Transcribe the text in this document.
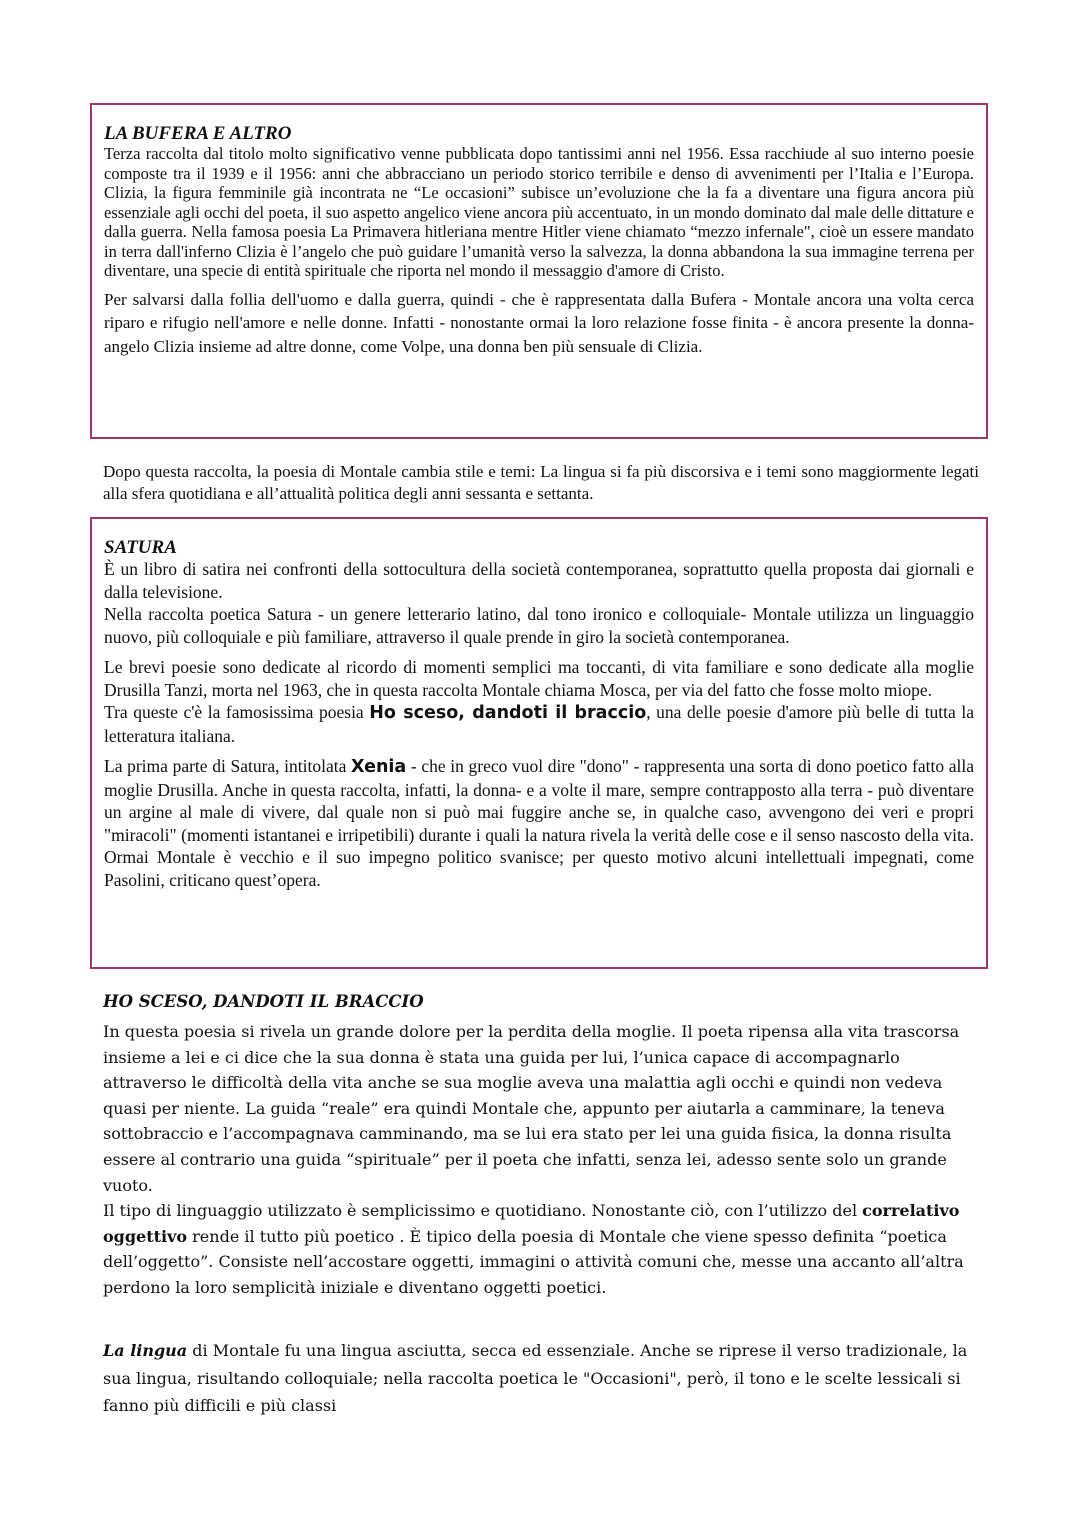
LA BUFERA E ALTRO

Terza raccolta dal titolo molto significativo venne pubblicata dopo tantissimi anni nel 1956. Essa racchiude al suo interno poesie composte tra il 1939 e il 1956: anni che abbracciano un periodo storico terribile e denso di avvenimenti per l’Italia e l’Europa. Clizia, la figura femminile già incontrata ne “Le occasioni” subisce un’evoluzione che la fa a diventare una figura ancora più essenziale agli occhi del poeta, il suo aspetto angelico viene ancora più accentuato, in un mondo dominato dal male delle dittature e dalla guerra. Nella famosa poesia La Primavera hitleriana mentre Hitler viene chiamato “mezzo infernale", cioè un essere mandato in terra dall'inferno Clizia è l’angelo che può guidare l’umanità verso la salvezza, la donna abbandona la sua immagine terrena per diventare, una specie di entità spirituale che riporta nel mondo il messaggio d'amore di Cristo.

Per salvarsi dalla follia dell'uomo e dalla guerra, quindi - che è rappresentata dalla Bufera - Montale ancora una volta cerca riparo e rifugio nell'amore e nelle donne. Infatti - nonostante ormai la loro relazione fosse finita - è ancora presente la donna-angelo Clizia insieme ad altre donne, come Volpe, una donna ben più sensuale di Clizia.

Dopo questa raccolta, la poesia di Montale cambia stile e temi: La lingua si fa più discorsiva e i temi sono maggiormente legati alla sfera quotidiana e all’attualità politica degli anni sessanta e settanta.

SATURA

È un libro di satira nei confronti della sottocultura della società contemporanea, soprattutto quella proposta dai giornali e dalla televisione.

Nella raccolta poetica Satura - un genere letterario latino, dal tono ironico e colloquiale- Montale utilizza un linguaggio nuovo, più colloquiale e più familiare, attraverso il quale prende in giro la società contemporanea.

Le brevi poesie sono dedicate al ricordo di momenti semplici ma toccanti, di vita familiare e sono dedicate alla moglie Drusilla Tanzi, morta nel 1963, che in questa raccolta Montale chiama Mosca, per via del fatto che fosse molto miope.

Tra queste c'è la famosissima poesia Ho sceso, dandoti il braccio, una delle poesie d'amore più belle di tutta la letteratura italiana.

La prima parte di Satura, intitolata Xenia - che in greco vuol dire "dono" - rappresenta una sorta di dono poetico fatto alla moglie Drusilla. Anche in questa raccolta, infatti, la donna- e a volte il mare, sempre contrapposto alla terra - può diventare un argine al male di vivere, dal quale non si può mai fuggire anche se, in qualche caso, avvengono dei veri e propri "miracoli" (momenti istantanei e irripetibili) durante i quali la natura rivela la verità delle cose e il senso nascosto della vita. Ormai Montale è vecchio e il suo impegno politico svanisce; per questo motivo alcuni intellettuali impegnati, come Pasolini, criticano quest’opera.

HO SCESO, DANDOTI IL BRACCIO

In questa poesia si rivela un grande dolore per la perdita della moglie. Il poeta ripensa alla vita trascorsa insieme a lei e ci dice che la sua donna è stata una guida per lui, l’unica capace di accompagnarlo attraverso le difficoltà della vita anche se sua moglie aveva una malattia agli occhi e quindi non vedeva quasi per niente. La guida “reale” era quindi Montale che, appunto per aiutarla a camminare, la teneva sottobraccio e l’accompagnava camminando, ma se lui era stato per lei una guida fisica, la donna risulta essere al contrario una guida “spirituale” per il poeta che infatti, senza lei, adesso sente solo un grande vuoto.
Il tipo di linguaggio utilizzato è semplicissimo e quotidiano. Nonostante ciò, con l’utilizzo del correlativo oggettivo rende il tutto più poetico . È tipico della poesia di Montale che viene spesso definita “poetica dell’oggetto”. Consiste nell’accostare oggetti, immagini o attività comuni che, messe una accanto all’altra perdono la loro semplicità iniziale e diventano oggetti poetici.

La lingua di Montale fu una lingua asciutta, secca ed essenziale. Anche se riprese il verso tradizionale, la sua lingua, risultando colloquiale; nella raccolta poetica le "Occasioni", però, il tono e le scelte lessicali si fanno più difficili e più classi
